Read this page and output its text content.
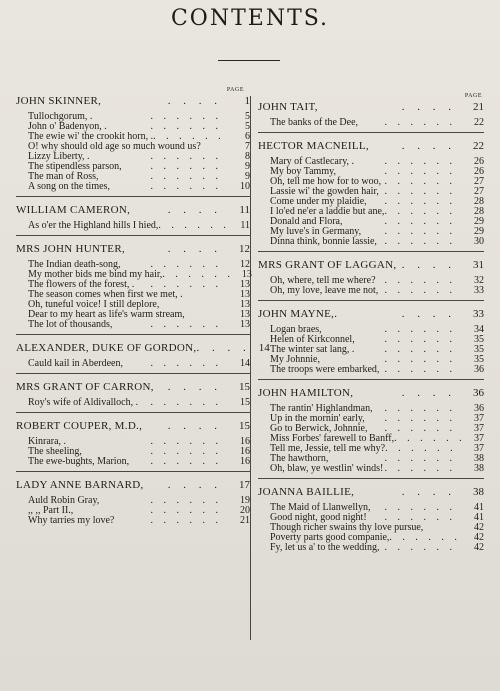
CONTENTS.
PAGE
JOHN SKINNER,	. . . .	1
Tullochgorum, .	. . . . . .	5
John o' Badenyon, .	. . . . . .	5
The ewie wi' the crookit horn, . . . . . . .	6
O! why should old age so much wound us?	7
Lizzy Liberty, .	. . . . . .	8
The stipendless parson,	. . . . . .	9
The man of Ross,	. . . . . .	9
A song on the times,	. . . . . .	10
WILLIAM CAMERON,	. . . .	11
As o'er the Highland hills I hied, . . . . . .	11
MRS JOHN HUNTER,	. . . .	12
The Indian death-song,	. . . . . .	12
My mother bids me bind my hair, . . . . . . 13
The flowers of the forest, .	. . . . . .	13
The season comes when first we met, .	13
Oh, tuneful voice! I still deplore,	13
Dear to my heart as life's warm stream,	13
The lot of thousands,	. . . . . .	13
ALEXANDER, DUKE OF GORDON, . . . . 14
Cauld kail in Aberdeen,	. . . . . .	14
MRS GRANT OF CARRON,	. . . .	15
Roy's wife of Aldivalloch, .	. . . . . .	15
ROBERT COUPER, M.D.,	. . . .	15
Kinrara, .	. . . . . .	16
The sheeling,	. . . . . .	16
The ewe-bughts, Marion,	. . . . . .	16
LADY ANNE BARNARD,	. . . .	17
Auld Robin Gray,	. . . . . .	19
,, ,, Part II.,	. . . . . .	20
Why tarries my love?	. . . . . .	21
PAGE
JOHN TAIT,	. . . .	21
The banks of the Dee,	. . . . . .	22
HECTOR MACNEILL,	. . . .	22
Mary of Castlecary, .	. . . . . .	26
My boy Tammy,	. . . . . .	26
Oh, tell me how for to woo, . . . . . .	27
Lassie wi' the gowden hair, . . . . . .	27
Come under my plaidie,	. . . . . .	28
I lo'ed ne'er a laddie but ane, . . . . . .	28
Donald and Flora,	. . . . . .	29
My luve's in Germany,	. . . . . .	29
Dinna think, bonnie lassie, . . . . . .	30
MRS GRANT OF LAGGAN, . . . .	31
Oh, where, tell me where? . . . . . .	32
Oh, my love, leave me not, . . . . . .	33
JOHN MAYNE,.	. . . .	33
Logan braes,	. . . . . .	34
Helen of Kirkconnel,	. . . . . .	35
The winter sat lang, .	. . . . . .	35
My Johnnie,	. . . . . .	35
The troops were embarked, . . . . . .	36
JOHN HAMILTON,	. . . .	36
The rantin' Highlandman,	. . . . . .	36
Up in the mornin' early,	. . . . . .	37
Go to Berwick, Johnnie,	. . . . . .	37
Miss Forbes' farewell to Banff, . . . . . . 37
Tell me, Jessie, tell me why? . . . . . .	37
The hawthorn,	. . . . . .	38
Oh, blaw, ye westlin' winds! . . . . . .	38
JOANNA BAILLIE,	. . . .	38
The Maid of Llanwellyn,	. . . . . .	41
Good night, good night!	. . . . . .	41
Though richer swains thy love pursue,	42
Poverty parts good companie, . . . . . .	42
Fy, let us a' to the wedding, . . . . . .	42
